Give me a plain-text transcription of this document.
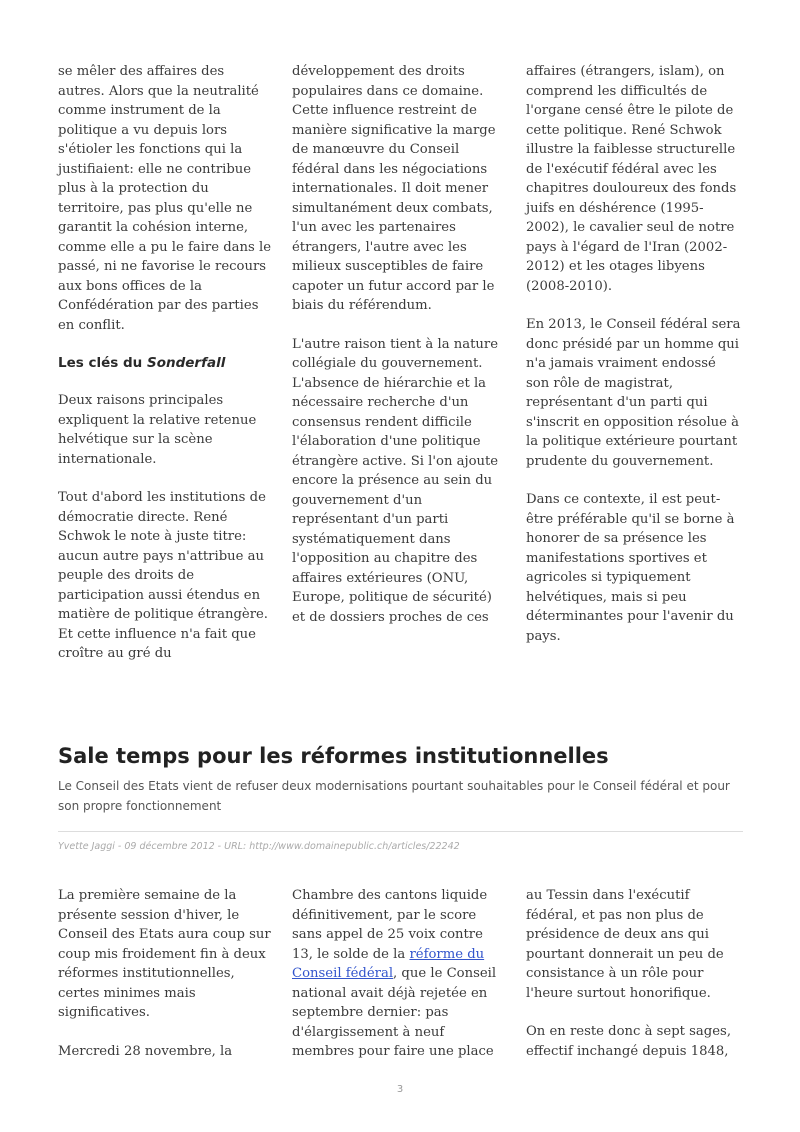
se mêler des affaires des autres. Alors que la neutralité comme instrument de la politique a vu depuis lors s'étioler les fonctions qui la justifiaient: elle ne contribue plus à la protection du territoire, pas plus qu'elle ne garantit la cohésion interne, comme elle a pu le faire dans le passé, ni ne favorise le recours aux bons offices de la Confédération par des parties en conflit.

Les clés du Sonderfall

Deux raisons principales expliquent la relative retenue helvétique sur la scène internationale.

Tout d'abord les institutions de démocratie directe. René Schwok le note à juste titre: aucun autre pays n'attribue au peuple des droits de participation aussi étendus en matière de politique étrangère. Et cette influence n'a fait que croître au gré du

développement des droits populaires dans ce domaine. Cette influence restreint de manière significative la marge de manœuvre du Conseil fédéral dans les négociations internationales. Il doit mener simultanément deux combats, l'un avec les partenaires étrangers, l'autre avec les milieux susceptibles de faire capoter un futur accord par le biais du référendum.

L'autre raison tient à la nature collégiale du gouvernement. L'absence de hiérarchie et la nécessaire recherche d'un consensus rendent difficile l'élaboration d'une politique étrangère active. Si l'on ajoute encore la présence au sein du gouvernement d'un représentant d'un parti systématiquement dans l'opposition au chapitre des affaires extérieures (ONU, Europe, politique de sécurité) et de dossiers proches de ces

affaires (étrangers, islam), on comprend les difficultés de l'organe censé être le pilote de cette politique. René Schwok illustre la faiblesse structurelle de l'exécutif fédéral avec les chapitres douloureux des fonds juifs en déshérence (1995-2002), le cavalier seul de notre pays à l'égard de l'Iran (2002-2012) et les otages libyens (2008-2010).

En 2013, le Conseil fédéral sera donc présidé par un homme qui n'a jamais vraiment endossé son rôle de magistrat, représentant d'un parti qui s'inscrit en opposition résolue à la politique extérieure pourtant prudente du gouvernement.

Dans ce contexte, il est peut-être préférable qu'il se borne à honorer de sa présence les manifestations sportives et agricoles si typiquement helvétiques, mais si peu déterminantes pour l'avenir du pays.

Sale temps pour les réformes institutionnelles

Le Conseil des Etats vient de refuser deux modernisations pourtant souhaitables pour le Conseil fédéral et pour son propre fonctionnement

Yvette Jaggi - 09 décembre 2012 - URL: http://www.domainepublic.ch/articles/22242

La première semaine de la présente session d'hiver, le Conseil des Etats aura coup sur coup mis froidement fin à deux réformes institutionnelles, certes minimes mais significatives.

Mercredi 28 novembre, la

Chambre des cantons liquide définitivement, par le score sans appel de 25 voix contre 13, le solde de la réforme du Conseil fédéral, que le Conseil national avait déjà rejetée en septembre dernier: pas d'élargissement à neuf membres pour faire une place

au Tessin dans l'exécutif fédéral, et pas non plus de présidence de deux ans qui pourtant donnerait un peu de consistance à un rôle pour l'heure surtout honorifique.

On en reste donc à sept sages, effectif inchangé depuis 1848,

3
